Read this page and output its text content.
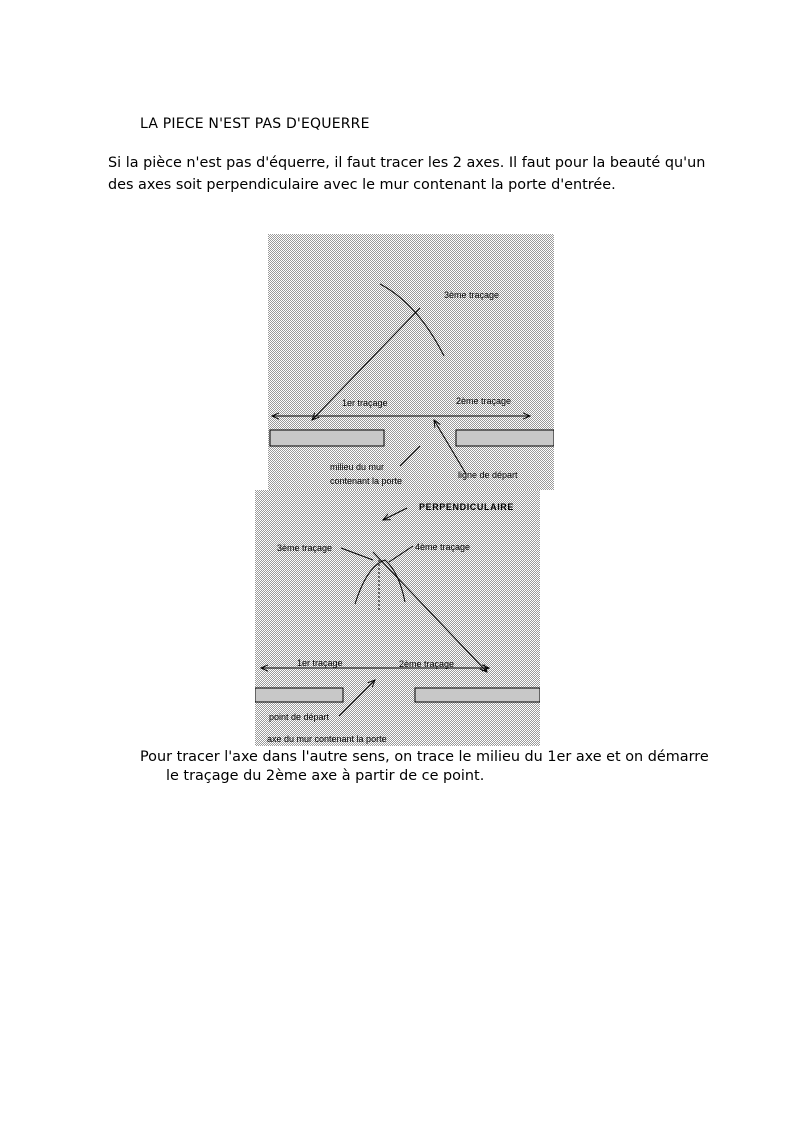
LA PIECE N'EST PAS D'EQUERRE

Si la pièce n'est pas d'équerre, il faut tracer les 2 axes. Il faut pour la beauté qu'un des axes soit perpendiculaire avec le mur contenant la porte d'entrée.

3ème traçage
1er traçage	2ème traçage
milieu du mur
contenant la porte
ligne de départ
PERPENDICULAIRE
3ème traçage	4ème traçage
1er traçage	2ème traçage
point de départ
axe du mur contenant la porte

Pour tracer l'axe dans l'autre sens, on trace le milieu du 1er axe et on démarre le traçage du 2ème axe à partir de ce point.
